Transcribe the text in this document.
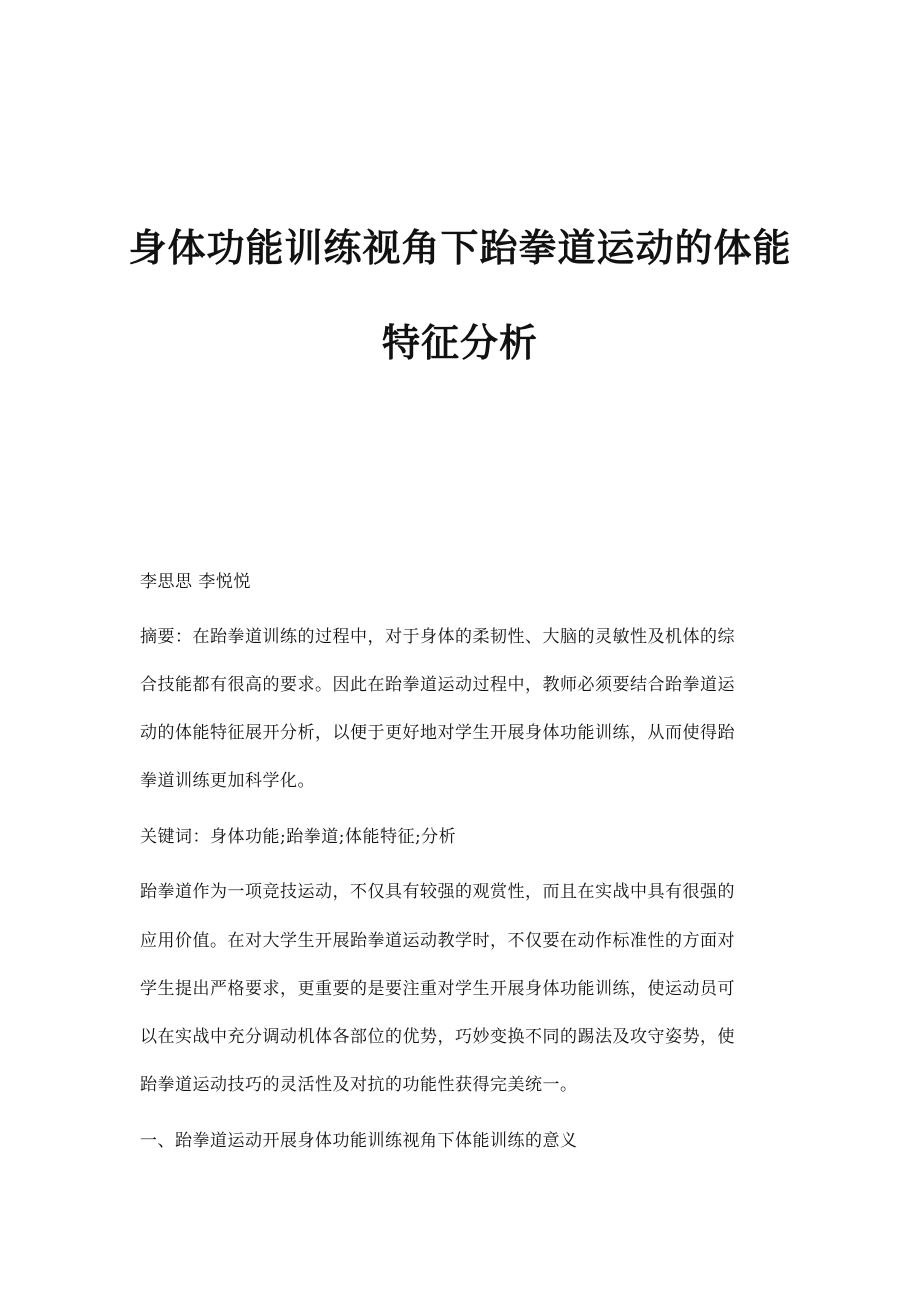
身体功能训练视角下跆拳道运动的体能
特征分析
李思思 李悦悦
摘要：在跆拳道训练的过程中，对于身体的柔韧性、大脑的灵敏性及机体的综
合技能都有很高的要求。因此在跆拳道运动过程中，教师必须要结合跆拳道运
动的体能特征展开分析，以便于更好地对学生开展身体功能训练，从而使得跆
拳道训练更加科学化。
关键词：身体功能;跆拳道;体能特征;分析
跆拳道作为一项竞技运动，不仅具有较强的观赏性，而且在实战中具有很强的
应用价值。在对大学生开展跆拳道运动教学时，不仅要在动作标准性的方面对
学生提出严格要求，更重要的是要注重对学生开展身体功能训练，使运动员可
以在实战中充分调动机体各部位的优势，巧妙变换不同的踢法及攻守姿势，使
跆拳道运动技巧的灵活性及对抗的功能性获得完美统一。
一、跆拳道运动开展身体功能训练视角下体能训练的意义
